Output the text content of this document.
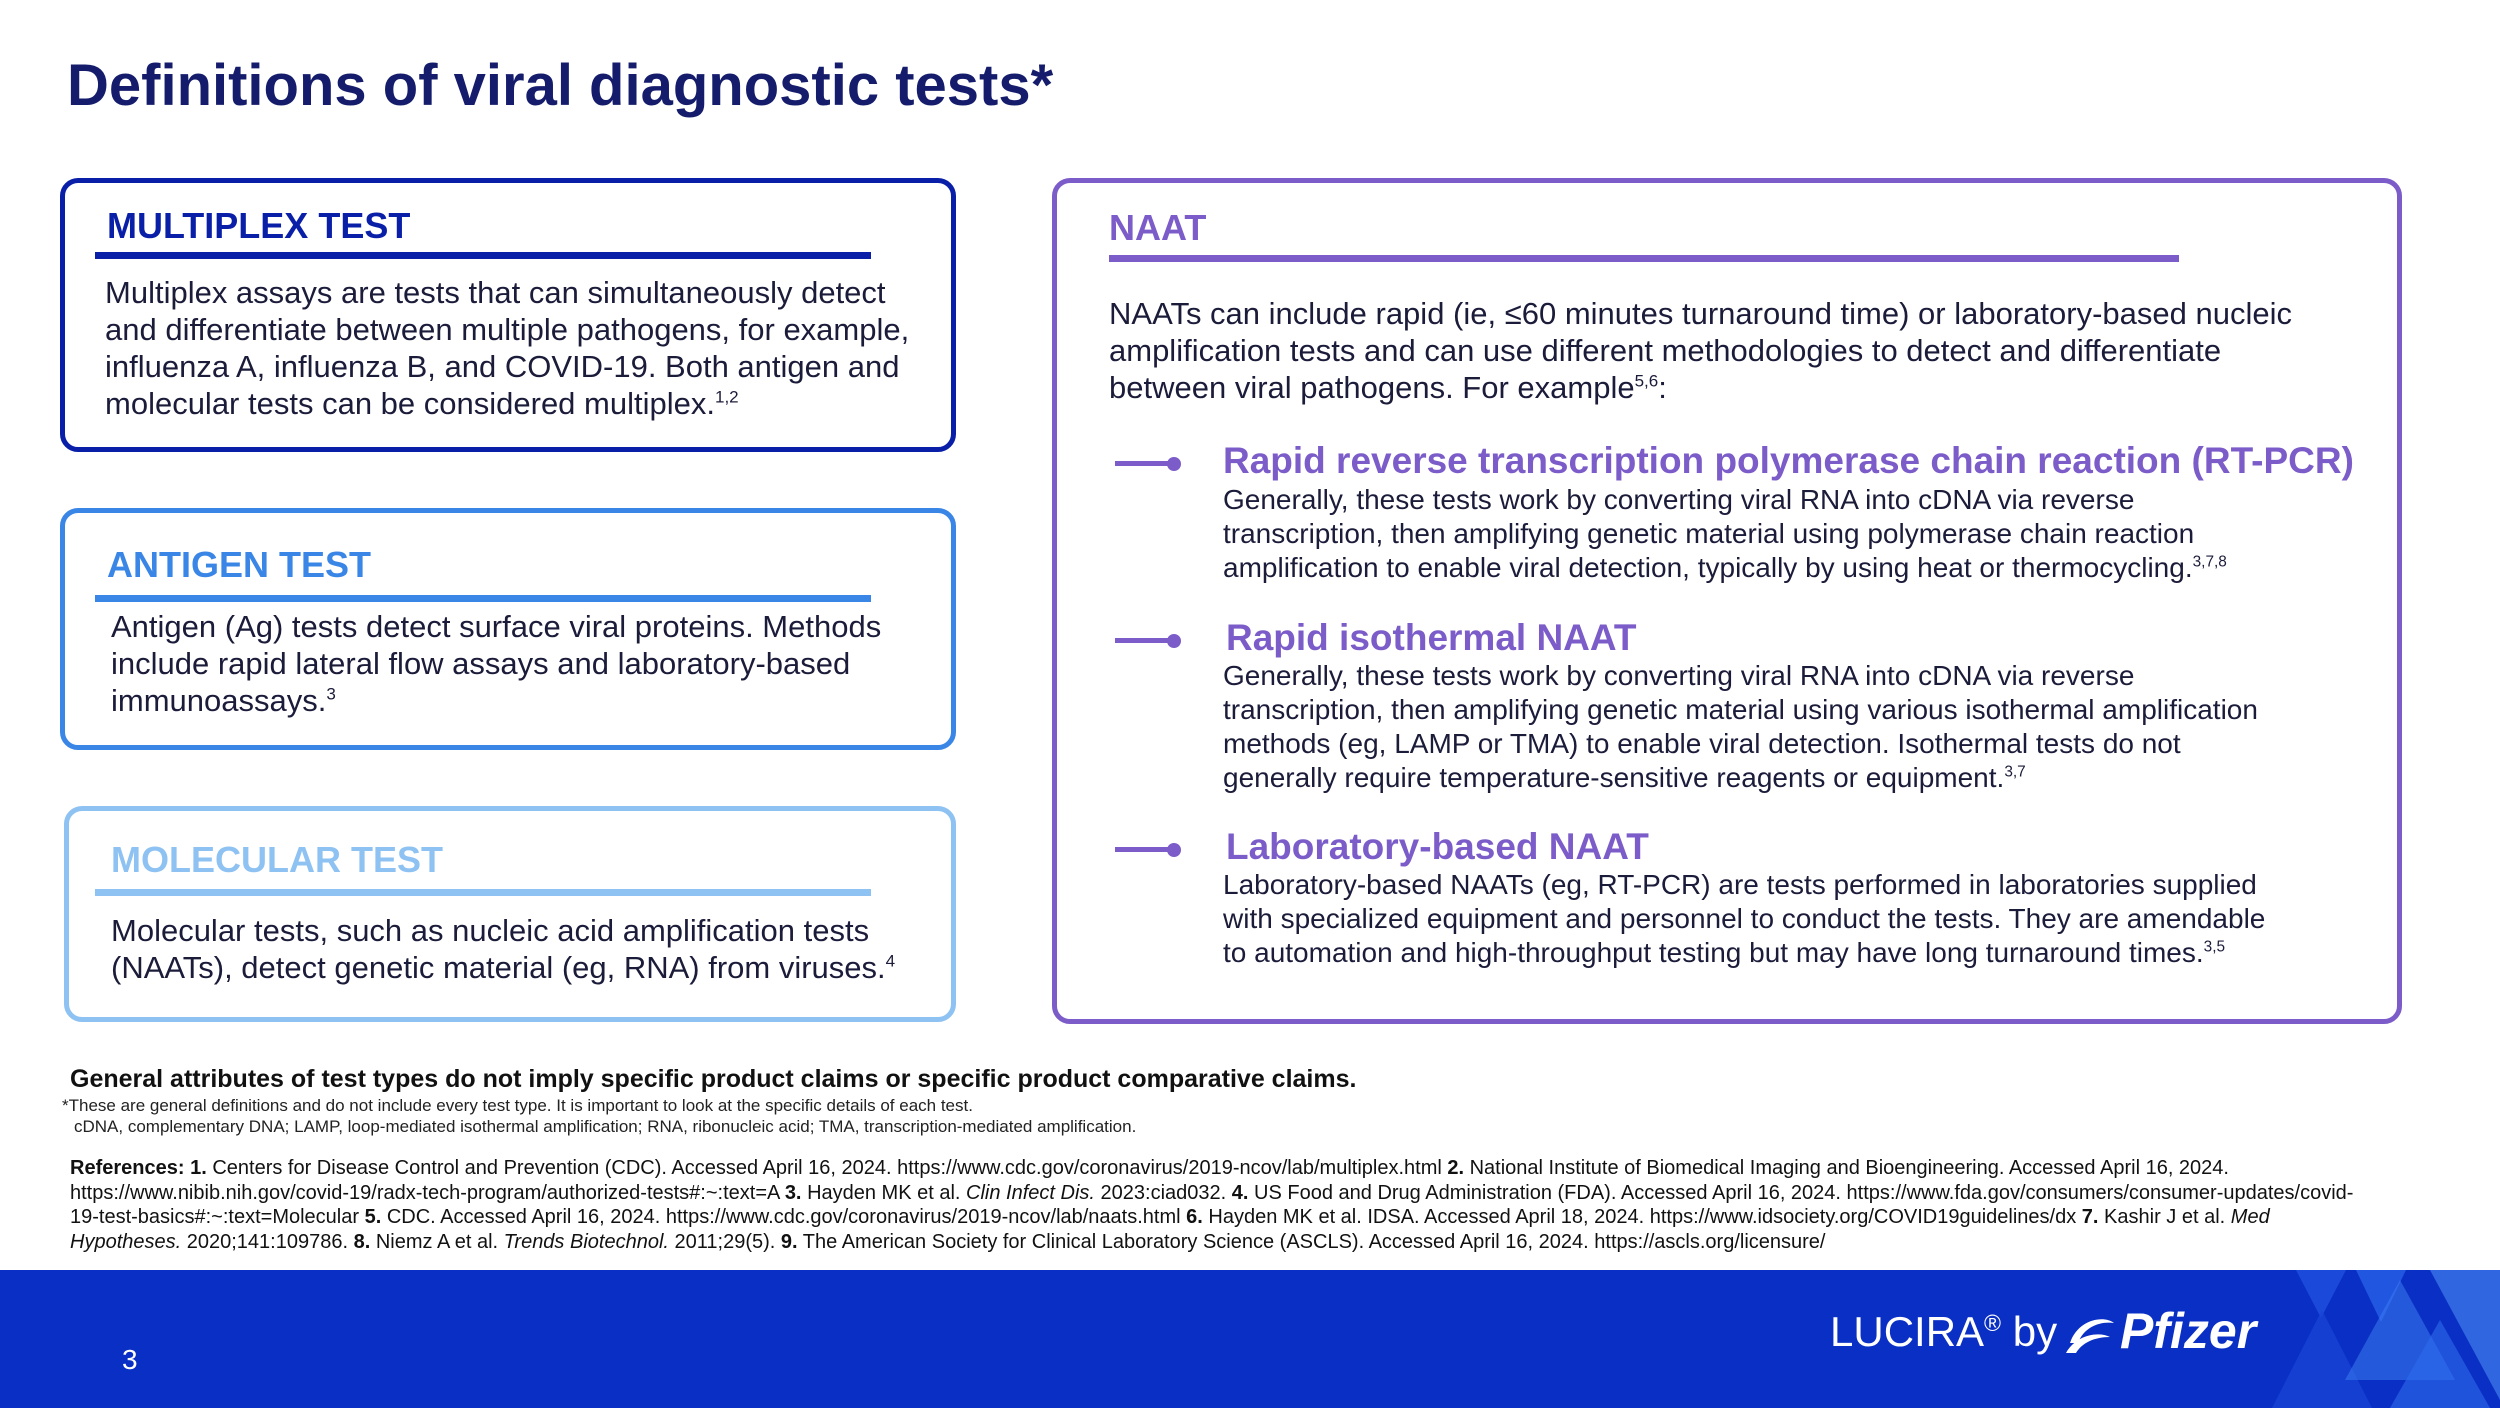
Definitions of viral diagnostic tests*
MULTIPLEX TEST
Multiplex assays are tests that can simultaneously detect
and differentiate between multiple pathogens, for example,
influenza A, influenza B, and COVID-19. Both antigen and
molecular tests can be considered multiplex.$^{1,2}$
ANTIGEN TEST
Antigen (Ag) tests detect surface viral proteins. Methods
include rapid lateral flow assays and laboratory-based
immunoassays.$^3$
MOLECULAR TEST
Molecular tests, such as nucleic acid amplification tests
(NAATs), detect genetic material (eg, RNA) from viruses.$^4$
NAAT
NAATs can include rapid (ie, ≤60 minutes turnaround time) or laboratory-based nucleic
amplification tests and can use different methodologies to detect and differentiate
between viral pathogens. For example$^{5,6}$:
Rapid reverse transcription polymerase chain reaction (RT-PCR)
Generally, these tests work by converting viral RNA into cDNA via reverse
transcription, then amplifying genetic material using polymerase chain reaction
amplification to enable viral detection, typically by using heat or thermocycling.$^{3,7,8}$
Rapid isothermal NAAT
Generally, these tests work by converting viral RNA into cDNA via reverse
transcription, then amplifying genetic material using various isothermal amplification
methods (eg, LAMP or TMA) to enable viral detection. Isothermal tests do not
generally require temperature-sensitive reagents or equipment.$^{3,7}$
Laboratory-based NAAT
Laboratory-based NAATs (eg, RT-PCR) are tests performed in laboratories supplied
with specialized equipment and personnel to conduct the tests. They are amendable
to automation and high-throughput testing but may have long turnaround times.$^{3,5}$
General attributes of test types do not imply specific product claims or specific product comparative claims.
*These are general definitions and do not include every test type. It is important to look at the specific details of each test.
cDNA, complementary DNA; LAMP, loop-mediated isothermal amplification; RNA, ribonucleic acid; TMA, transcription-mediated amplification.
References: 1. Centers for Disease Control and Prevention (CDC). Accessed April 16, 2024. https://www.cdc.gov/coronavirus/2019-ncov/lab/multiplex.html 2. National Institute of Biomedical Imaging and Bioengineering. Accessed April 16, 2024. https://www.nibib.nih.gov/covid-19/radx-tech-program/authorized-tests#:~:text=A 3. Hayden MK et al. Clin Infect Dis. 2023:ciad032. 4. US Food and Drug Administration (FDA). Accessed April 16, 2024. https://www.fda.gov/consumers/consumer-updates/covid-19-test-basics#:~:text=Molecular 5. CDC. Accessed April 16, 2024. https://www.cdc.gov/coronavirus/2019-ncov/lab/naats.html 6. Hayden MK et al. IDSA. Accessed April 18, 2024. https://www.idsociety.org/COVID19guidelines/dx 7. Kashir J et al. Med Hypotheses. 2020;141:109786. 8. Niemz A et al. Trends Biotechnol. 2011;29(5). 9. The American Society for Clinical Laboratory Science (ASCLS). Accessed April 16, 2024. https://ascls.org/licensure/
3
LUCIRA® by	Pfizer
